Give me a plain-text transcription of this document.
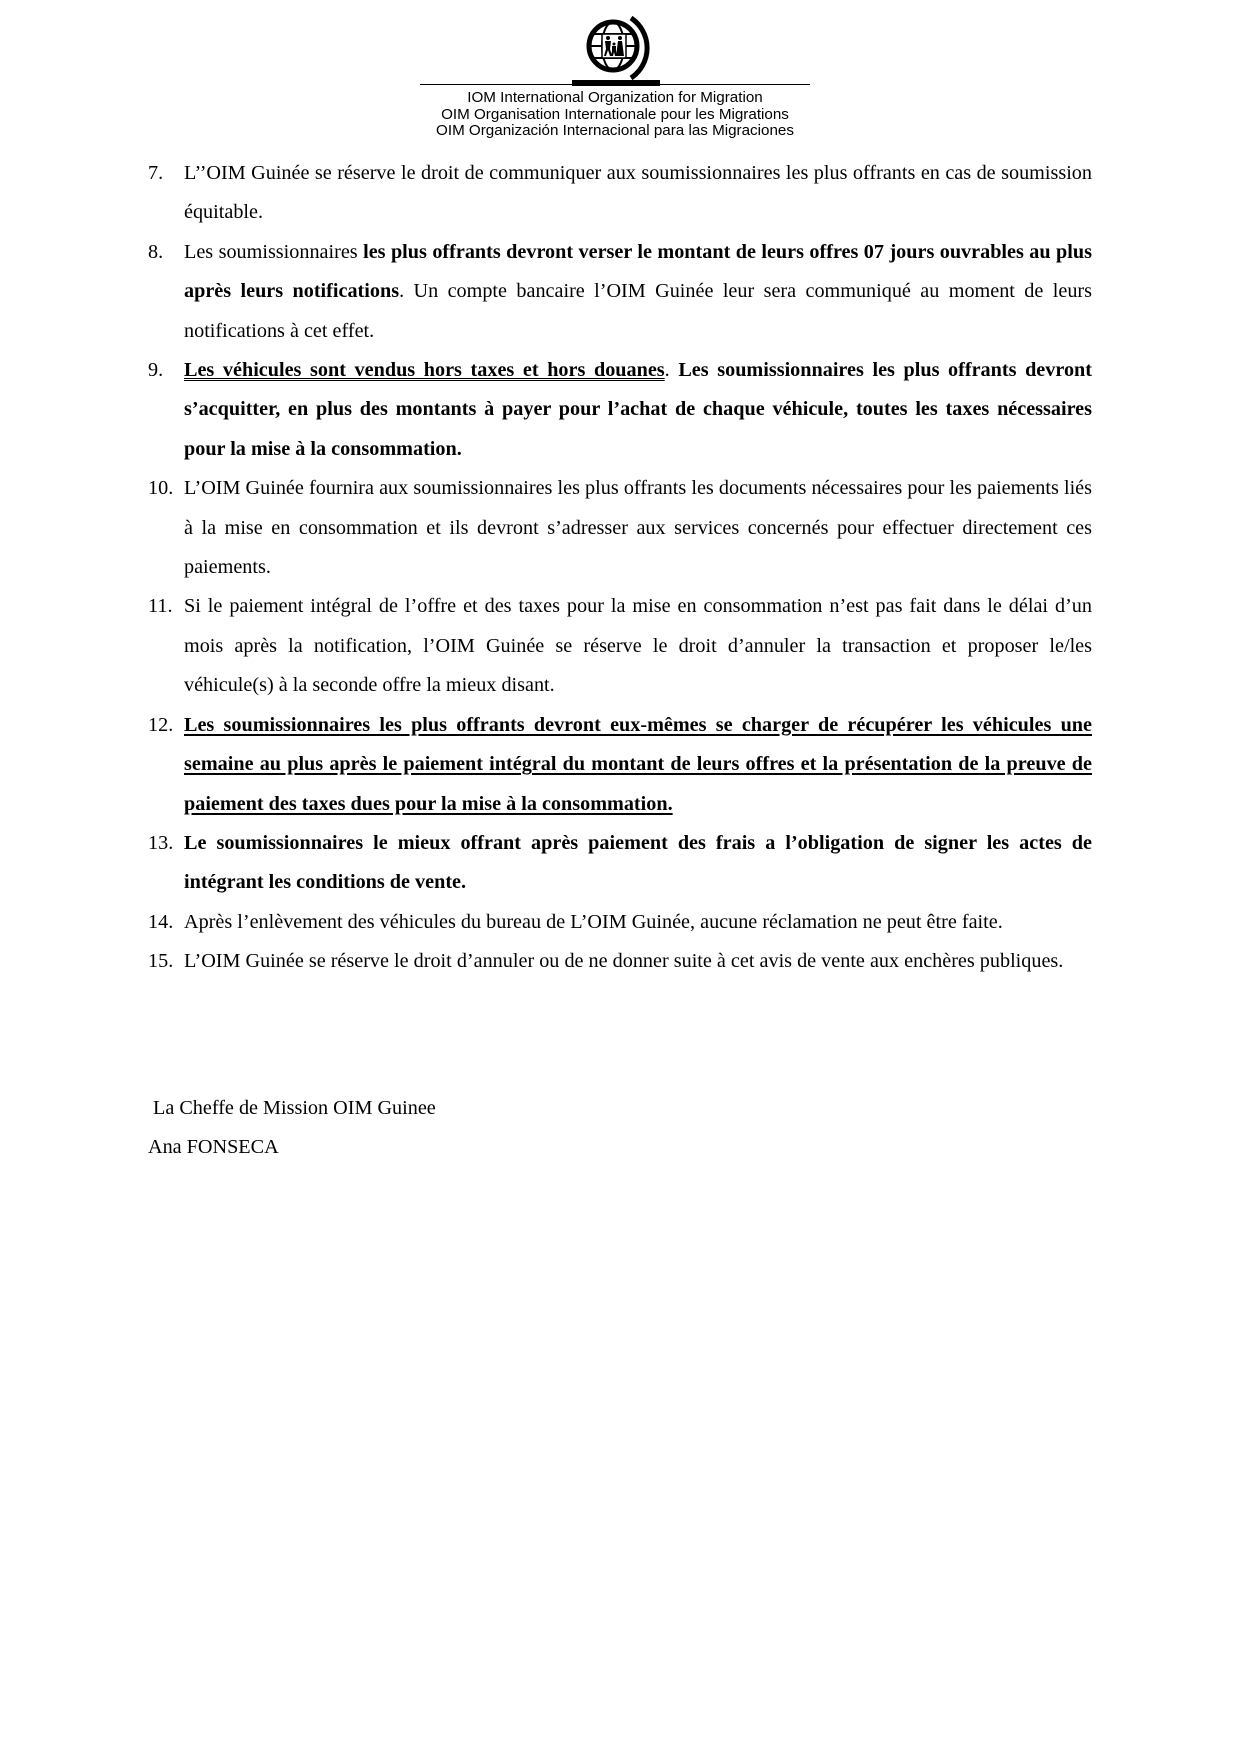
IOM International Organization for Migration
OIM Organisation Internationale pour les Migrations
OIM Organización Internacional para las Migraciones
7. L’’OIM Guinée se réserve le droit de communiquer aux soumissionnaires les plus offrants en cas de soumission équitable.
8. Les soumissionnaires les plus offrants devront verser le montant de leurs offres 07 jours ouvrables au plus après leurs notifications. Un compte bancaire l’OIM Guinée leur sera communiqué au moment de leurs notifications à cet effet.
9. Les véhicules sont vendus hors taxes et hors douanes. Les soumissionnaires les plus offrants devront s’acquitter, en plus des montants à payer pour l’achat de chaque véhicule, toutes les taxes nécessaires pour la mise à la consommation.
10. L’OIM Guinée fournira aux soumissionnaires les plus offrants les documents nécessaires pour les paiements liés à la mise en consommation et ils devront s’adresser aux services concernés pour effectuer directement ces paiements.
11. Si le paiement intégral de l’offre et des taxes pour la mise en consommation n’est pas fait dans le délai d’un mois après la notification, l’OIM Guinée se réserve le droit d’annuler la transaction et proposer le/les véhicule(s) à la seconde offre la mieux disant.
12. Les soumissionnaires les plus offrants devront eux-mêmes se charger de récupérer les véhicules une semaine au plus après le paiement intégral du montant de leurs offres et la présentation de la preuve de paiement des taxes dues pour la mise à la consommation.
13. Le soumissionnaires le mieux offrant après paiement des frais a l’obligation de signer les actes de intégrant les conditions de vente.
14. Après l’enlèvement des véhicules du bureau de L’OIM Guinée, aucune réclamation ne peut être faite.
15. L’OIM Guinée se réserve le droit d’annuler ou de ne donner suite à cet avis de vente aux enchères publiques.
La Cheffe de Mission OIM Guinee
Ana FONSECA
